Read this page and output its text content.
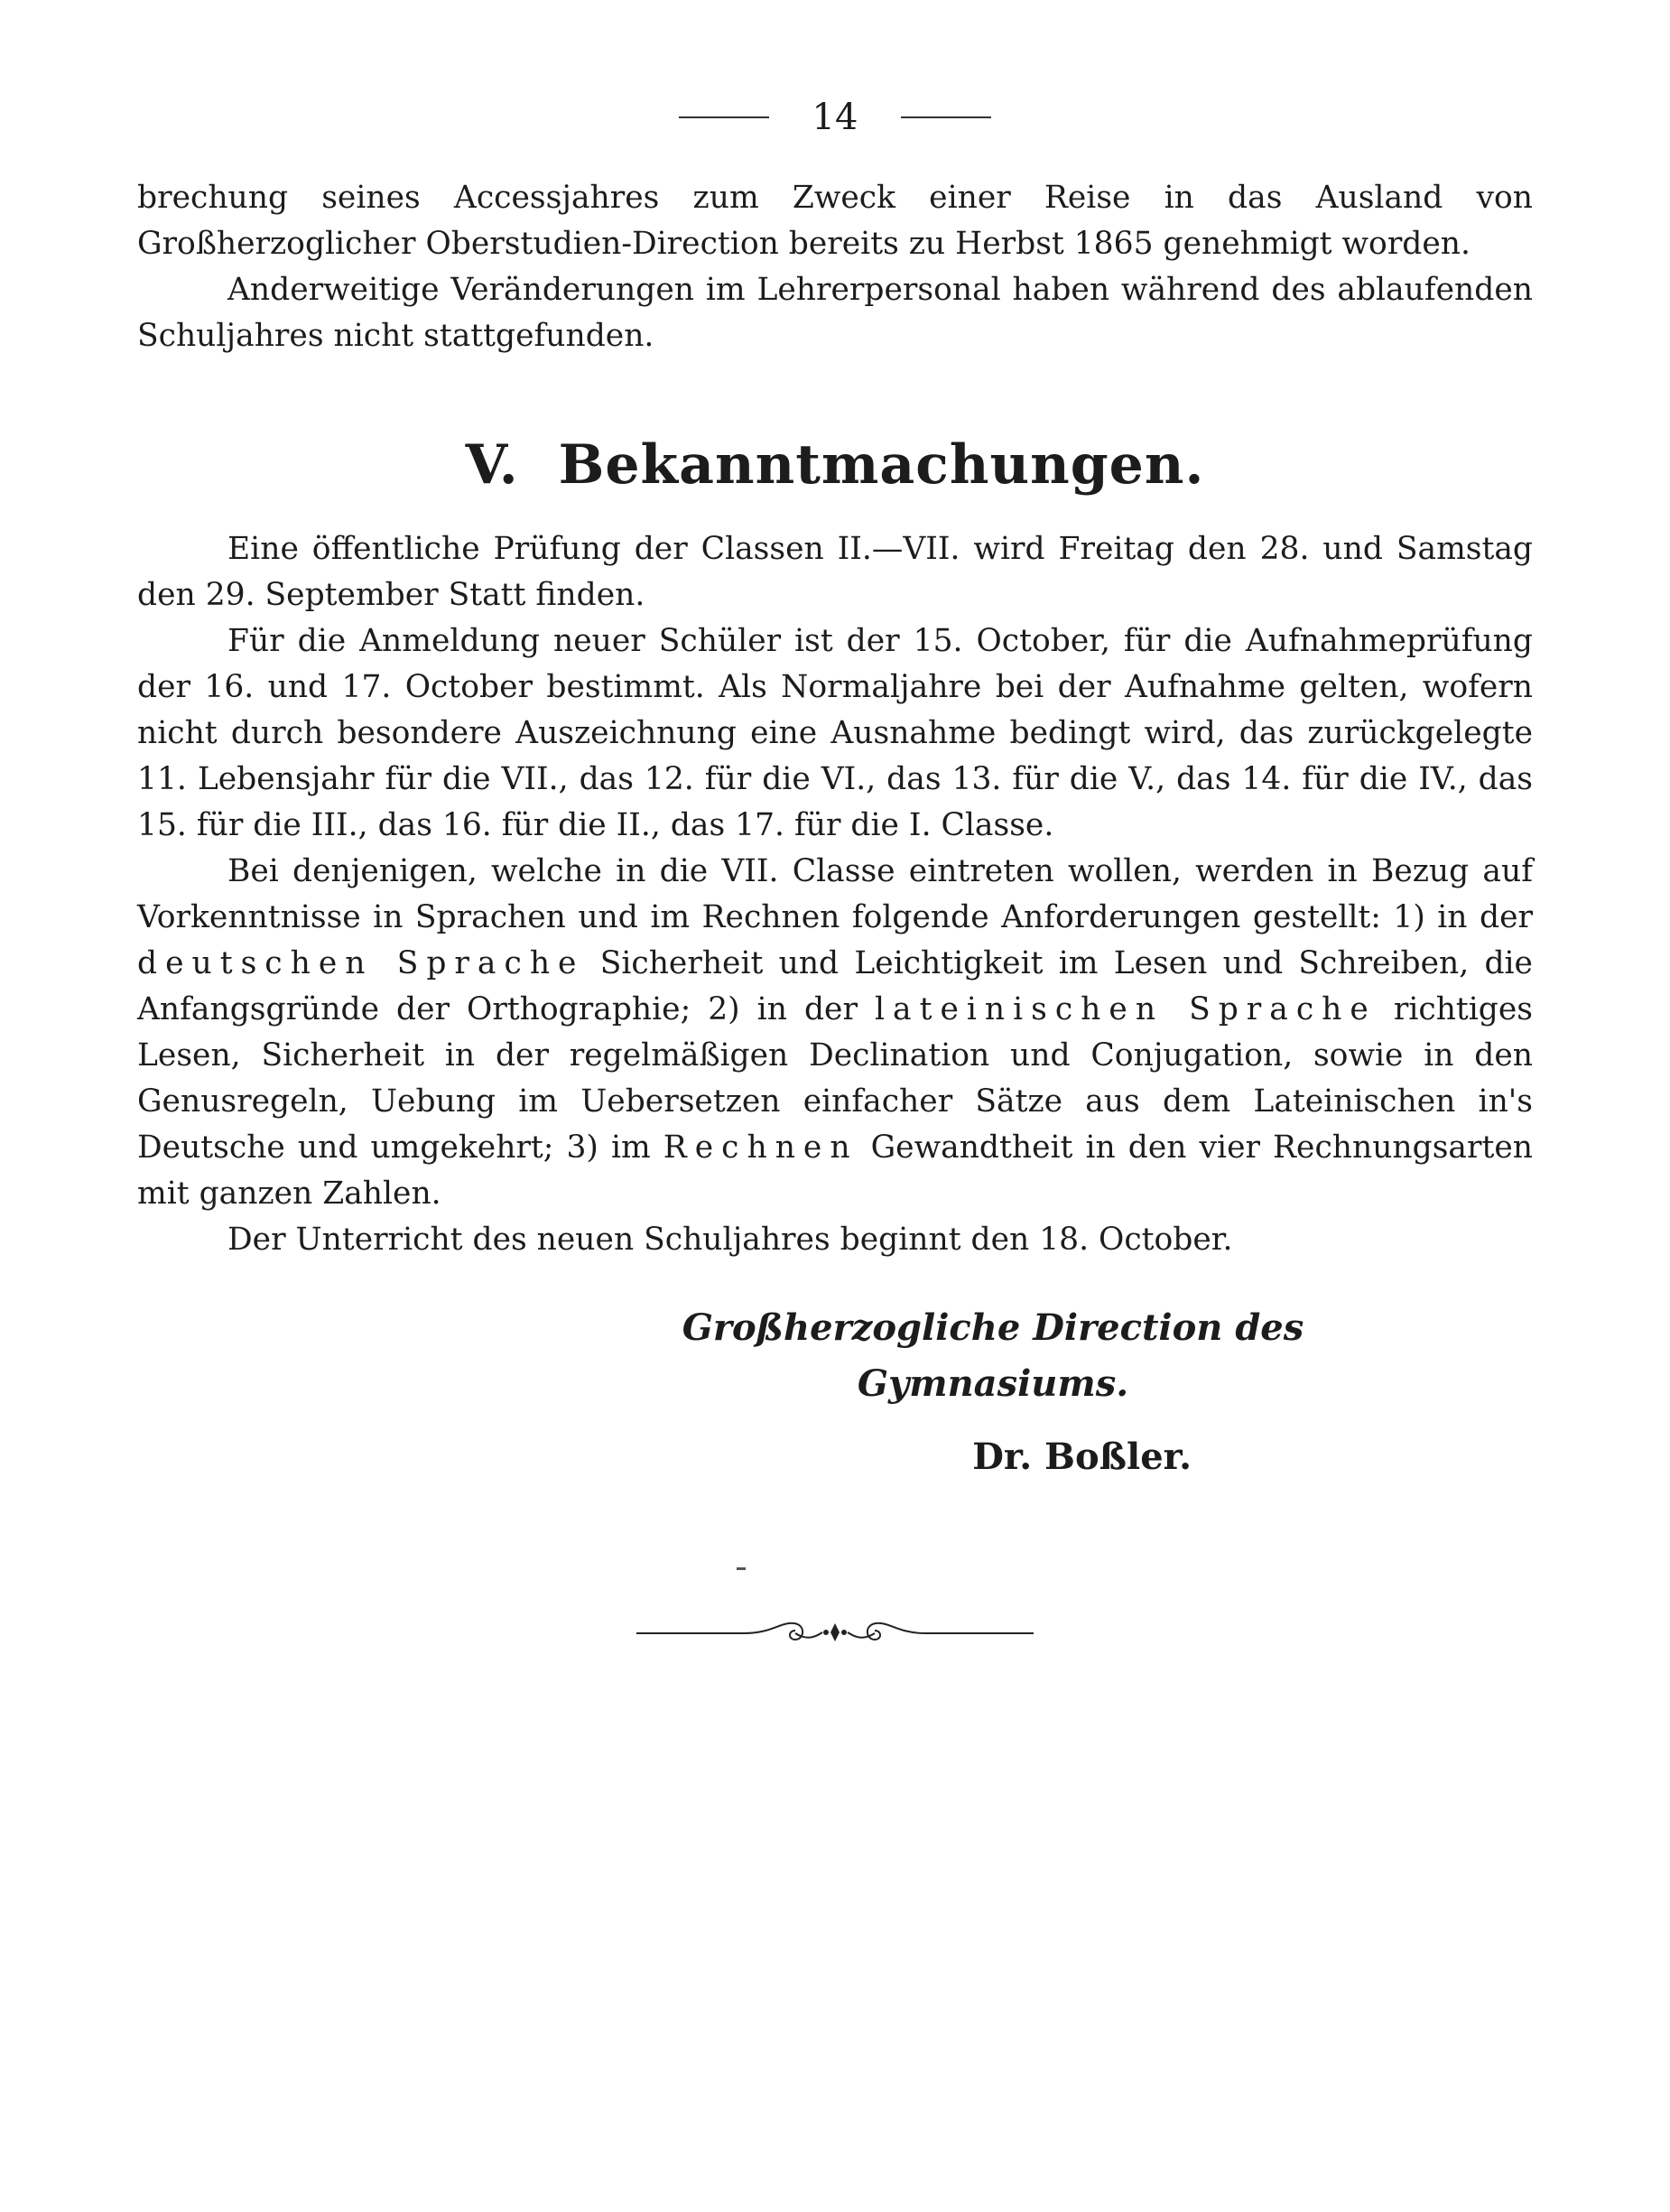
14

brechung seines Accessjahres zum Zweck einer Reise in das Ausland von Großherzoglicher Oberstudien-Direction bereits zu Herbst 1865 genehmigt worden.

Anderweitige Veränderungen im Lehrerpersonal haben während des ablaufenden Schuljahres nicht stattgefunden.

V. Bekanntmachungen.

Eine öffentliche Prüfung der Classen II.—VII. wird Freitag den 28. und Samstag den 29. September Statt finden.

Für die Anmeldung neuer Schüler ist der 15. October, für die Aufnahmeprüfung der 16. und 17. October bestimmt. Als Normaljahre bei der Aufnahme gelten, wofern nicht durch besondere Auszeichnung eine Ausnahme bedingt wird, das zurückgelegte 11. Lebensjahr für die VII., das 12. für die VI., das 13. für die V., das 14. für die IV., das 15. für die III., das 16. für die II., das 17. für die I. Classe.

Bei denjenigen, welche in die VII. Classe eintreten wollen, werden in Bezug auf Vorkenntnisse in Sprachen und im Rechnen folgende Anforderungen gestellt: 1) in der deutschen Sprache Sicherheit und Leichtigkeit im Lesen und Schreiben, die Anfangsgründe der Orthographie; 2) in der lateinischen Sprache richtiges Lesen, Sicherheit in der regelmäßigen Declination und Conjugation, sowie in den Genusregeln, Uebung im Uebersetzen einfacher Sätze aus dem Lateinischen in's Deutsche und umgekehrt; 3) im Rechnen Gewandtheit in den vier Rechnungsarten mit ganzen Zahlen.

Der Unterricht des neuen Schuljahres beginnt den 18. October.

Großherzogliche Direction des Gymnasiums.
Dr. Boßler.
